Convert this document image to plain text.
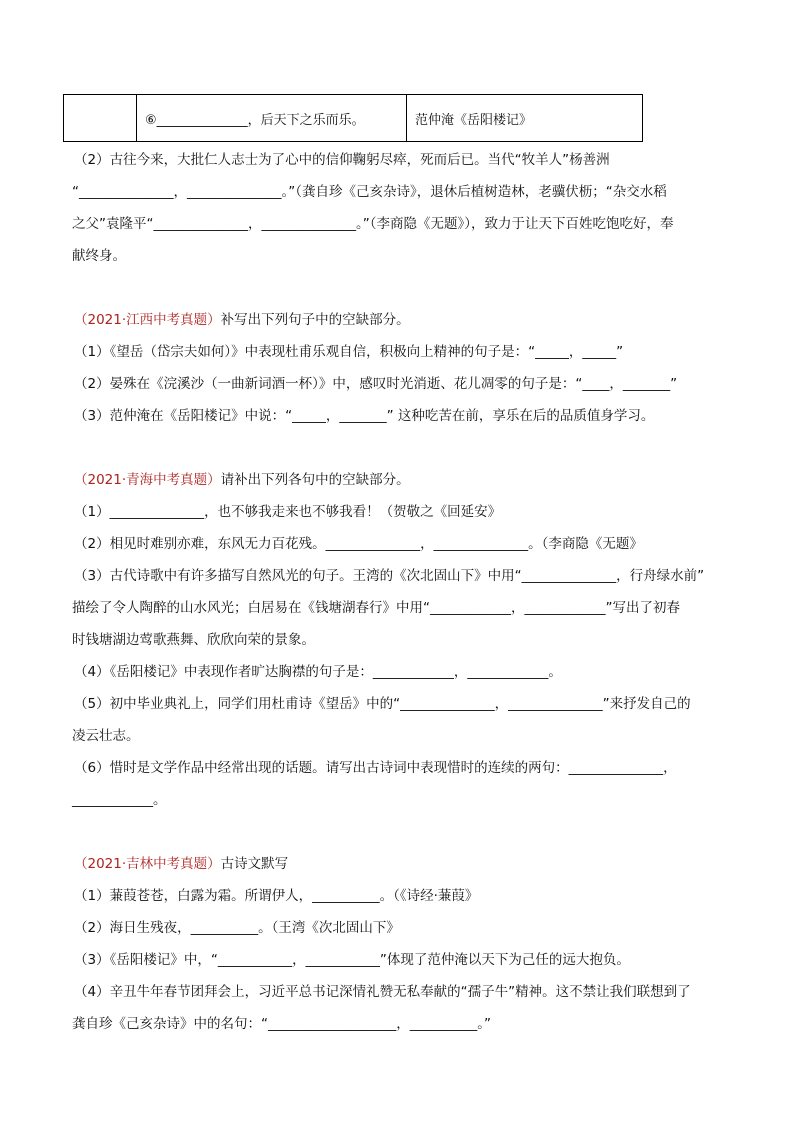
⑥______________，后天下之乐而乐。	范仲淹《岳阳楼记》
（2）古往今来，大批仁人志士为了心中的信仰鞠躬尽瘁，死而后已。当代“牧羊人”杨善洲
“______________，______________。”（龚自珍《己亥杂诗》，退休后植树造林，老骥伏枥；“杂交水稻
之父”袁隆平“______________，______________。”（李商隐《无题》），致力于让天下百姓吃饱吃好，奉
献终身。
（2021·江西中考真题）补写出下列句子中的空缺部分。
（1）《望岳（岱宗夫如何）》中表现杜甫乐观自信，积极向上精神的句子是：“_____，_____”
（2）晏殊在《浣溪沙（一曲新词酒一杯）》中，感叹时光消逝、花儿凋零的句子是：“____，_______”
（3）范仲淹在《岳阳楼记》中说：“_____，_______” 这种吃苦在前，享乐在后的品质值身学习。
（2021·青海中考真题）请补出下列各句中的空缺部分。
（1）______________，也不够我走来也不够我看！（贺敬之《回延安》
（2）相见时难别亦难，东风无力百花残。______________，______________。（李商隐《无题》
（3）古代诗歌中有许多描写自然风光的句子。王湾的《次北固山下》中用“______________，行舟绿水前”
描绘了令人陶醉的山水风光；白居易在《钱塘湖春行》中用“____________，____________”写出了初春
时钱塘湖边莺歌燕舞、欣欣向荣的景象。
（4）《岳阳楼记》中表现作者旷达胸襟的句子是：____________，____________。
（5）初中毕业典礼上，同学们用杜甫诗《望岳》中的“______________，______________”来抒发自己的
凌云壮志。
（6）惜时是文学作品中经常出现的话题。请写出古诗词中表现惜时的连续的两句：______________，
____________。
（2021·吉林中考真题）古诗文默写
（1）蒹葭苍苍，白露为霜。所谓伊人，__________。（《诗经·蒹葭》
（2）海日生残夜，__________。（王湾《次北固山下》
（3）《岳阳楼记》中，“___________，___________”体现了范仲淹以天下为己任的远大抱负。
（4）辛丑牛年春节团拜会上，习近平总书记深情礼赞无私奉献的“孺子牛”精神。这不禁让我们联想到了
龚自珍《己亥杂诗》中的名句：“___________________，__________。”
